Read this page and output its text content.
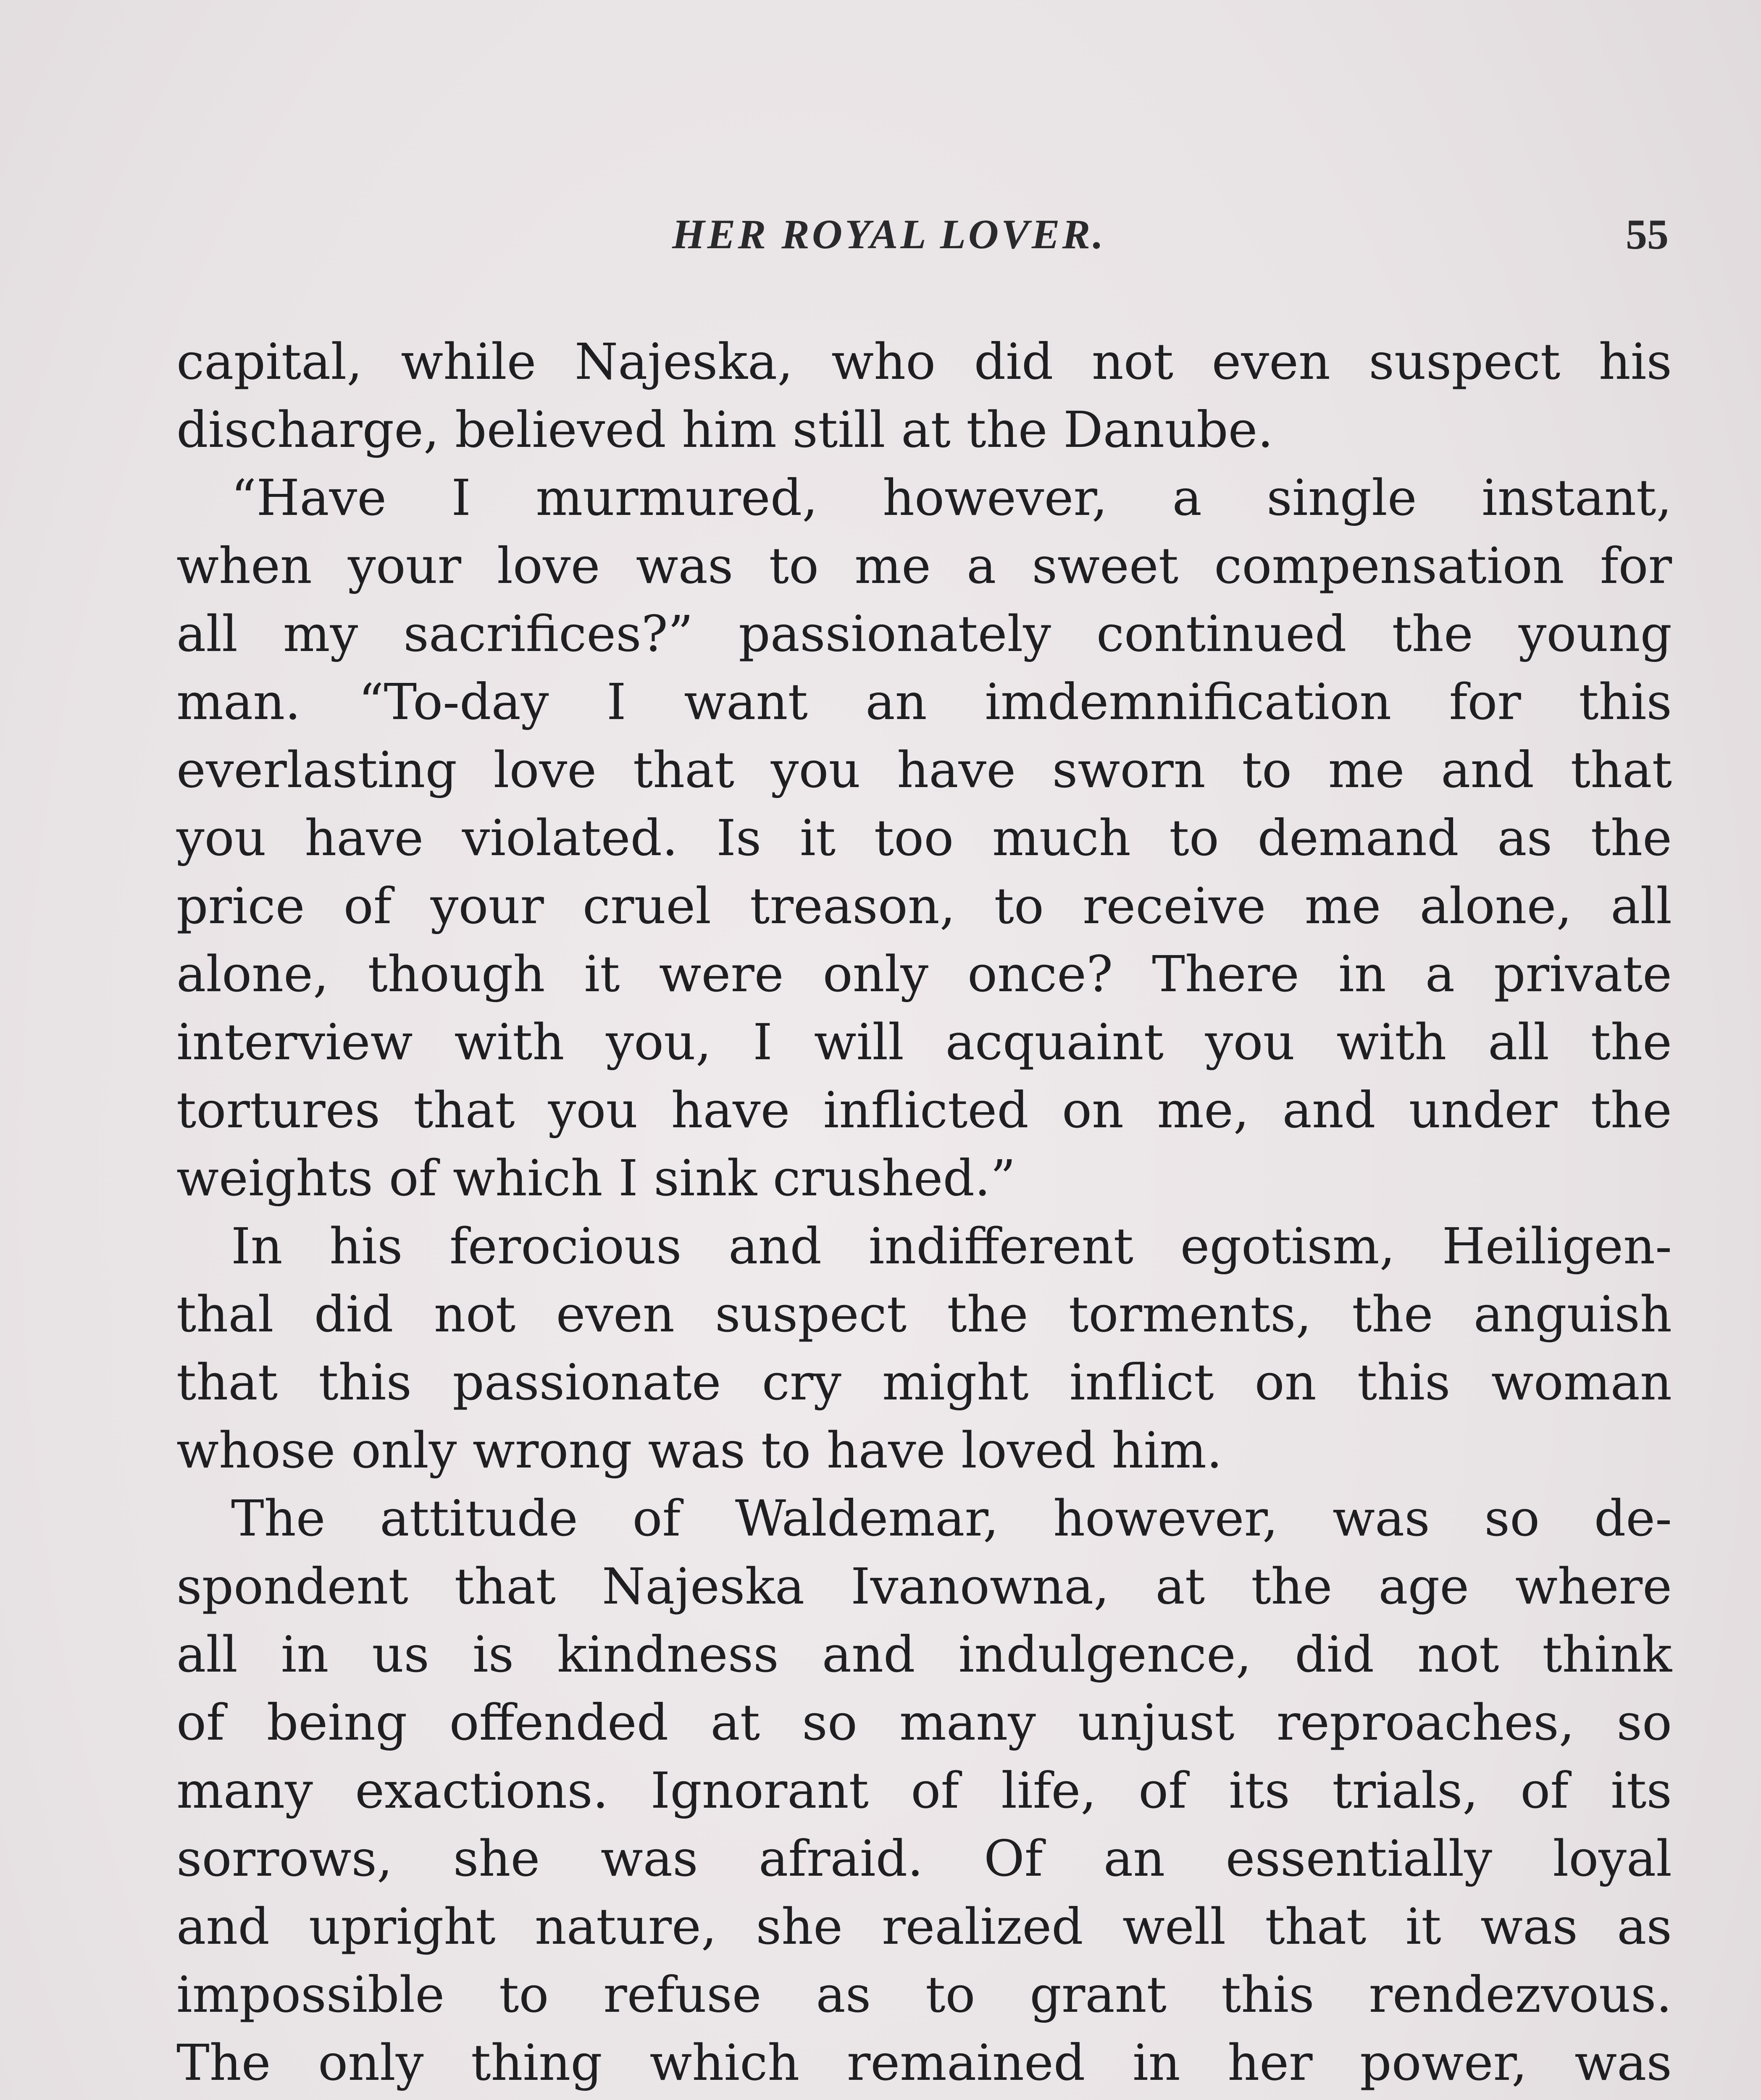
HER ROYAL LOVER.	55
capital, while Najeska, who did not even suspect his
discharge, believed him still at the Danube.
“Have I murmured, however, a single instant,
when your love was to me a sweet compensation for
all my sacrifices?” passionately continued the young
man. “To-day I want an imdemnification for this
everlasting love that you have sworn to me and that
you have violated. Is it too much to demand as the
price of your cruel treason, to receive me alone, all
alone, though it were only once? There in a private
interview with you, I will acquaint you with all the
tortures that you have inflicted on me, and under the
weights of which I sink crushed.”
In his ferocious and indifferent egotism, Heiligen-
thal did not even suspect the torments, the anguish
that this passionate cry might inflict on this woman
whose only wrong was to have loved him.
The attitude of Waldemar, however, was so de-
spondent that Najeska Ivanowna, at the age where
all in us is kindness and indulgence, did not think
of being offended at so many unjust reproaches, so
many exactions. Ignorant of life, of its trials, of its
sorrows, she was afraid. Of an essentially loyal
and upright nature, she realized well that it was as
impossible to refuse as to grant this rendezvous.
The only thing which remained in her power, was
